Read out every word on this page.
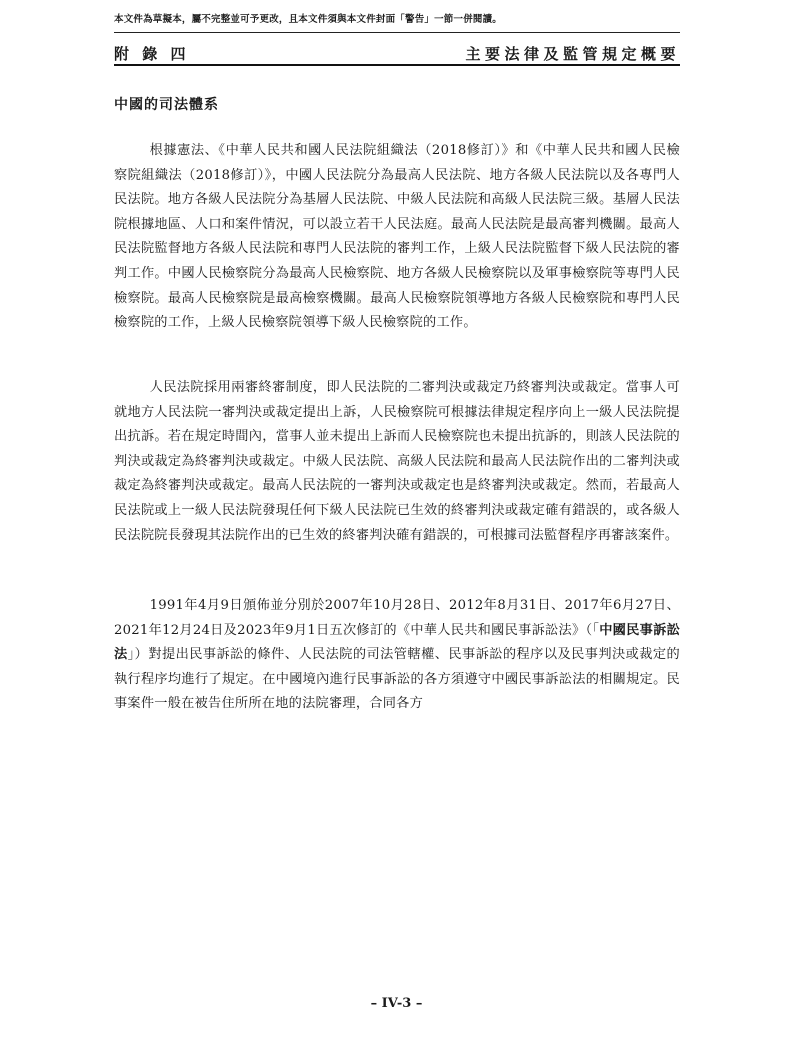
本文件為草擬本，屬不完整並可予更改，且本文件須與本文件封面「警告」一節一併閱讀。
附 錄 四	主要法律及監管規定概要
中國的司法體系

根據憲法、《中華人民共和國人民法院組織法（2018修訂）》和《中華人民共和國人民檢察院組織法（2018修訂）》，中國人民法院分為最高人民法院、地方各級人民法院以及各專門人民法院。地方各級人民法院分為基層人民法院、中級人民法院和高級人民法院三級。基層人民法院根據地區、人口和案件情況，可以設立若干人民法庭。最高人民法院是最高審判機關。最高人民法院監督地方各級人民法院和專門人民法院的審判工作，上級人民法院監督下級人民法院的審判工作。中國人民檢察院分為最高人民檢察院、地方各級人民檢察院以及軍事檢察院等專門人民檢察院。最高人民檢察院是最高檢察機關。最高人民檢察院領導地方各級人民檢察院和專門人民檢察院的工作，上級人民檢察院領導下級人民檢察院的工作。

人民法院採用兩審終審制度，即人民法院的二審判決或裁定乃終審判決或裁定。當事人可就地方人民法院一審判決或裁定提出上訴，人民檢察院可根據法律規定程序向上一級人民法院提出抗訴。若在規定時間內，當事人並未提出上訴而人民檢察院也未提出抗訴的，則該人民法院的判決或裁定為終審判決或裁定。中級人民法院、高級人民法院和最高人民法院作出的二審判決或裁定為終審判決或裁定。最高人民法院的一審判決或裁定也是終審判決或裁定。然而，若最高人民法院或上一級人民法院發現任何下級人民法院已生效的終審判決或裁定確有錯誤的，或各級人民法院院長發現其法院作出的已生效的終審判決確有錯誤的，可根據司法監督程序再審該案件。

1991年4月9日頒佈並分別於2007年10月28日、2012年8月31日、2017年6月27日、2021年12月24日及2023年9月1日五次修訂的《中華人民共和國民事訴訟法》（「中國民事訴訟法」）對提出民事訴訟的條件、人民法院的司法管轄權、民事訴訟的程序以及民事判決或裁定的執行程序均進行了規定。在中國境內進行民事訴訟的各方須遵守中國民事訴訟法的相關規定。民事案件一般在被告住所所在地的法院審理，合同各方

– IV-3 –
